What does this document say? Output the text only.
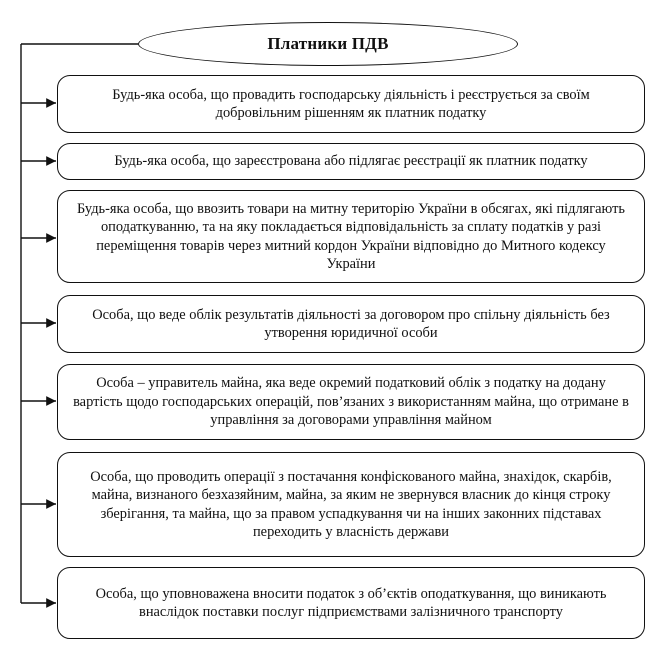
Платники ПДВ
Будь-яка особа, що провадить господарську діяльність і реєструється за своїм добровільним рішенням як платник податку
Будь-яка особа, що зареєстрована або підлягає реєстрації як платник податку
Будь-яка особа, що ввозить товари на митну територію України в обсягах, які підлягають оподаткуванню, та на яку покладається відповідальність за сплату податків у разі переміщення товарів через митний кордон України відповідно до Митного кодексу України
Особа, що веде облік результатів діяльності за договором про спільну діяльність без утворення юридичної особи
Особа – управитель майна, яка веде окремий податковий облік з податку на додану вартість щодо господарських операцій, пов’язаних з використанням майна, що отримане в управління за договорами управління майном
Особа, що проводить операції з постачання конфіскованого майна, знахідок, скарбів, майна, визнаного безхазяйним, майна, за яким не звернувся власник до кінця строку зберігання, та майна, що за правом успадкування чи на інших законних підставах переходить у власність держави
Особа, що уповноважена вносити податок з об’єктів оподаткування, що виникають внаслідок поставки послуг підприємствами залізничного транспорту
